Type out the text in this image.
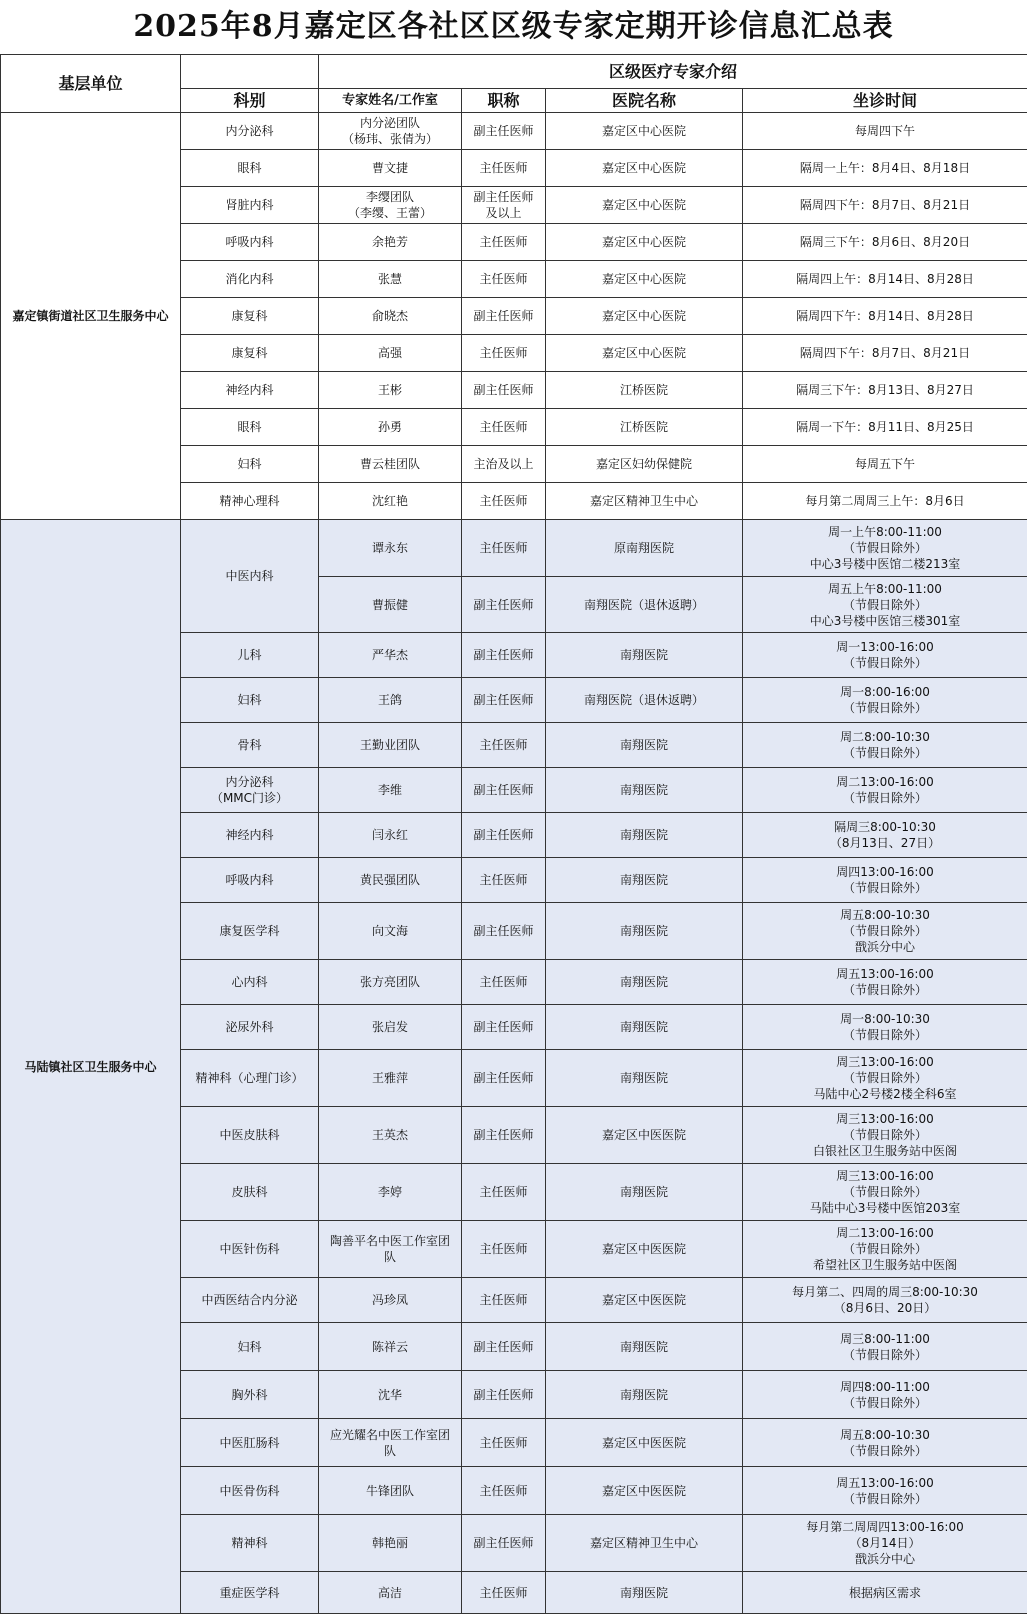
2025年8月嘉定区各社区区级专家定期开诊信息汇总表
基层单位		区级医疗专家介绍			
	科别	专家姓名/工作室	职称	医院名称	坐诊时间
嘉定镇街道社区卫生服务中心	内分泌科	内分泌团队
（杨玮、张倩为）	副主任医师	嘉定区中心医院	每周四下午
	眼科	曹文捷	主任医师	嘉定区中心医院	隔周一上午：8月4日、8月18日
	肾脏内科	李缨团队
（李缨、王蕾）	副主任医师
及以上	嘉定区中心医院	隔周四下午：8月7日、8月21日
	呼吸内科	余艳芳	主任医师	嘉定区中心医院	隔周三下午：8月6日、8月20日
	消化内科	张慧	主任医师	嘉定区中心医院	隔周四上午：8月14日、8月28日
	康复科	俞晓杰	副主任医师	嘉定区中心医院	隔周四下午：8月14日、8月28日
	康复科	高强	主任医师	嘉定区中心医院	隔周四下午：8月7日、8月21日
	神经内科	王彬	副主任医师	江桥医院	隔周三下午：8月13日、8月27日
	眼科	孙勇	主任医师	江桥医院	隔周一下午：8月11日、8月25日
	妇科	曹云桂团队	主治及以上	嘉定区妇幼保健院	每周五下午
	精神心理科	沈红艳	主任医师	嘉定区精神卫生中心	每月第二周周三上午：8月6日
马陆镇社区卫生服务中心	中医内科	谭永东	主任医师	原南翔医院	周一上午8:00-11:00
（节假日除外）
中心3号楼中医馆二楼213室
		曹振健	副主任医师	南翔医院（退休返聘）	周五上午8:00-11:00
（节假日除外）
中心3号楼中医馆三楼301室
	儿科	严华杰	副主任医师	南翔医院	周一13:00-16:00
（节假日除外）
	妇科	王鸽	副主任医师	南翔医院（退休返聘）	周一8:00-16:00
（节假日除外）
	骨科	王勤业团队	主任医师	南翔医院	周二8:00-10:30
（节假日除外）
	内分泌科
（MMC门诊）	李维	副主任医师	南翔医院	周二13:00-16:00
（节假日除外）
	神经内科	闫永红	副主任医师	南翔医院	隔周三8:00-10:30
（8月13日、27日）
	呼吸内科	黄民强团队	主任医师	南翔医院	周四13:00-16:00
（节假日除外）
	康复医学科	向文海	副主任医师	南翔医院	周五8:00-10:30
（节假日除外）
戬浜分中心
	心内科	张方亮团队	主任医师	南翔医院	周五13:00-16:00
（节假日除外）
	泌尿外科	张启发	副主任医师	南翔医院	周一8:00-10:30
（节假日除外）
	精神科（心理门诊）	王雅萍	副主任医师	南翔医院	周三13:00-16:00
（节假日除外）
马陆中心2号楼2楼全科6室
	中医皮肤科	王英杰	副主任医师	嘉定区中医医院	周三13:00-16:00
（节假日除外）
白银社区卫生服务站中医阁
	皮肤科	李婷	主任医师	南翔医院	周三13:00-16:00
（节假日除外）
马陆中心3号楼中医馆203室
	中医针伤科	陶善平名中医工作室团
队	主任医师	嘉定区中医医院	周二13:00-16:00
（节假日除外）
希望社区卫生服务站中医阁
	中西医结合内分泌	冯珍凤	主任医师	嘉定区中医医院	每月第二、四周的周三8:00-10:30
（8月6日、20日）
	妇科	陈祥云	副主任医师	南翔医院	周三8:00-11:00
（节假日除外）
	胸外科	沈华	副主任医师	南翔医院	周四8:00-11:00
（节假日除外）
	中医肛肠科	应光耀名中医工作室团
队	主任医师	嘉定区中医医院	周五8:00-10:30
（节假日除外）
	中医骨伤科	牛锋团队	主任医师	嘉定区中医医院	周五13:00-16:00
（节假日除外）
	精神科	韩艳丽	副主任医师	嘉定区精神卫生中心	每月第二周周四13:00-16:00
（8月14日）
戬浜分中心
	重症医学科	高洁	主任医师	南翔医院	根据病区需求
